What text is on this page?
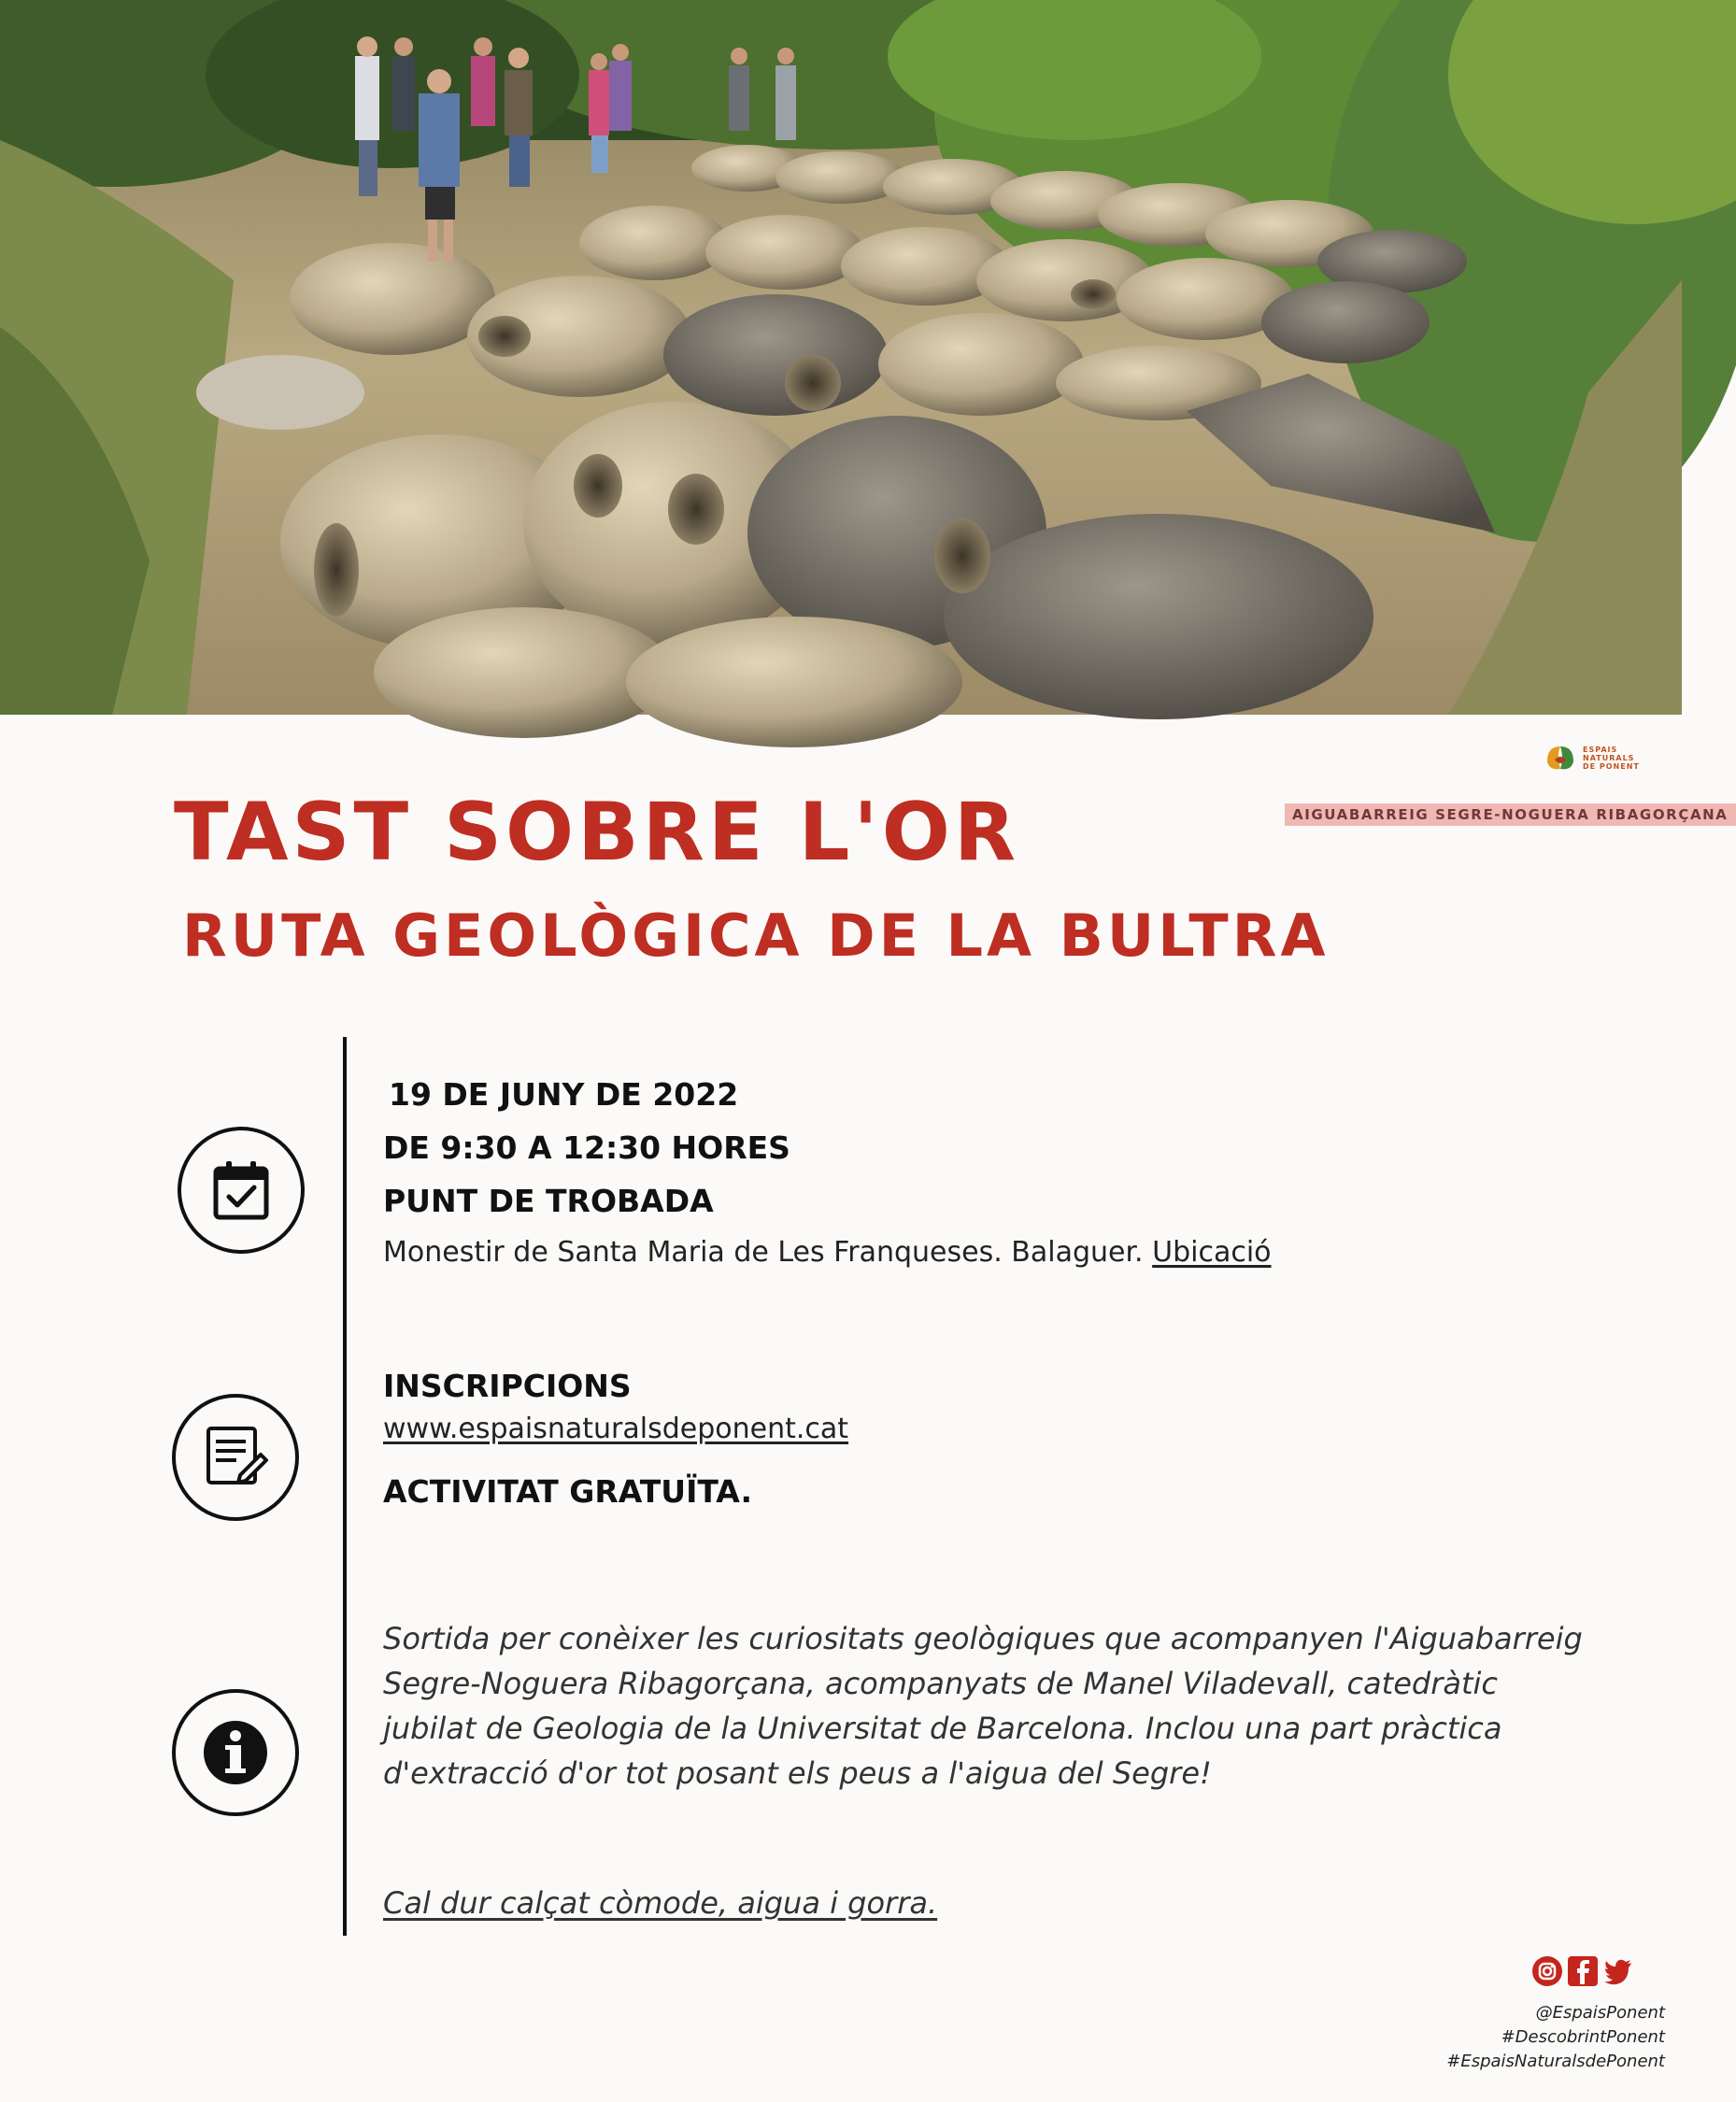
ESPAIS
NATURALS
DE PONENT
AIGUABARREIG SEGRE-NOGUERA RIBAGORÇANA
TAST SOBRE L'OR
RUTA GEOLÒGICA DE LA BULTRA

19 DE JUNY DE 2022

DE 9:30 A 12:30 HORES

PUNT DE TROBADA

Monestir de Santa Maria de Les Franqueses. Balaguer. Ubicació

INSCRIPCIONS

www.espaisnaturalsdeponent.cat

ACTIVITAT GRATUÏTA.

Sortida per conèixer les curiositats geològiques que acompanyen l'Aiguabarreig Segre-Noguera Ribagorçana, acompanyats de Manel Viladevall, catedràtic jubilat de Geologia de la Universitat de Barcelona. Inclou una part pràctica d'extracció d'or tot posant els peus a l'aigua del Segre!

Cal dur calçat còmode, aigua i gorra.

@EspaisPonent
#DescobrintPonent
#EspaisNaturalsdePonent
